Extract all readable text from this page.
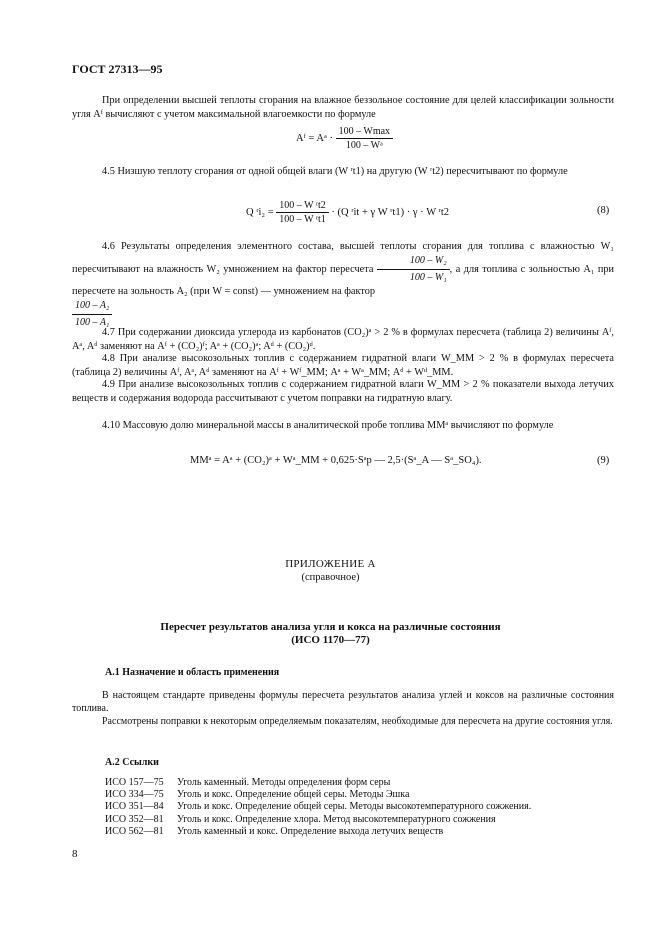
ГОСТ 27313—95
При определении высшей теплоты сгорания на влажное беззольное состояние для целей классификации зольности угля Aᶠ вычисляют с учетом максимальной влагоемкости по формуле
Aᶠ = Aᵃ · $\frac{100 - Wmax}{\text{100 – Wᵃ}}$
4.5 Низшую теплоту сгорания от одной общей влаги (W ʳt1) на другую (W ʳt2) пересчитывают по формуле
Q ʳi₂ = $\frac{\text{100 – W ʳt2}}{\text{100 – W ʳt1}} \cdot (Q$ ʳit + γ W ʳt1) · γ · W ʳt2	(8)
4.6 Результаты определения элементного состава, высшей теплоты сгорания для топлива с влажностью W₁ пересчитывают на влажность W₂ умножением на фактор пересчета $\frac{\text{100 – W₂}}{\text{100 – W₁}}$ , а для топлива с зольностью A₁ при пересчете на зольность A₂ (при W = const) — умножением на фактор

$\frac{\text{100 – A₂}}{\text{100 – A₁}}$
4.7 При содержании диоксида углерода из карбонатов (CO₂)ᵃ > 2 % в формулах пересчета (таблица 2) величины Aᶠ, Aᵃ, Aᵈ заменяют на Aᶠ + (CO₂)ᶠ; Aᵃ + (CO₂)ᵃ; Aᵈ + (CO₂)ᵈ.
4.8 При анализе высокозольных топлив с содержанием гидратной влаги W_ММ > 2 % в формулах пересчета (таблица 2) величины Aᶠ, Aᵃ, Aᵈ заменяют на Aᶠ + Wᶠ_ММ; Aᵃ + Wᵃ_ММ; Aᵈ + Wᵈ_ММ.
4.9 При анализе высокозольных топлив с содержанием гидратной влаги W_ММ > 2 % показатели выхода летучих веществ и содержания водорода рассчитывают с учетом поправки на гидратную влагу.
4.10 Массовую долю минеральной массы в аналитической пробе топлива MMᵃ вычисляют по формуле
MMᵃ = Aᵃ + (CO₂)ᵃ + Wᵃ_ММ + 0,625·Sᵃp — 2,5·(Sᵃ_A — Sᵃ_SO₄).	(9)
ПРИЛОЖЕНИЕ А
(справочное)
Пересчет результатов анализа угля и кокса на различные состояния
(ИСО 1170—77)
А.1 Назначение и область применения
В настоящем стандарте приведены формулы пересчета результатов анализа углей и коксов на различные состояния топлива.
Рассмотрены поправки к некоторым определяемым показателям, необходимые для пересчета на другие состояния угля.
А.2 Ссылки
ИСО 157—75 Уголь каменный. Методы определения форм серы
ИСО 334—75 Уголь и кокс. Определение общей серы. Методы Эшка
ИСО 351—84 Уголь и кокс. Определение общей серы. Методы высокотемпературного сожжения.
ИСО 352—81 Уголь и кокс. Определение хлора. Метод высокотемпературного сожжения
ИСО 562—81 Уголь каменный и кокс. Определение выхода летучих веществ
8
